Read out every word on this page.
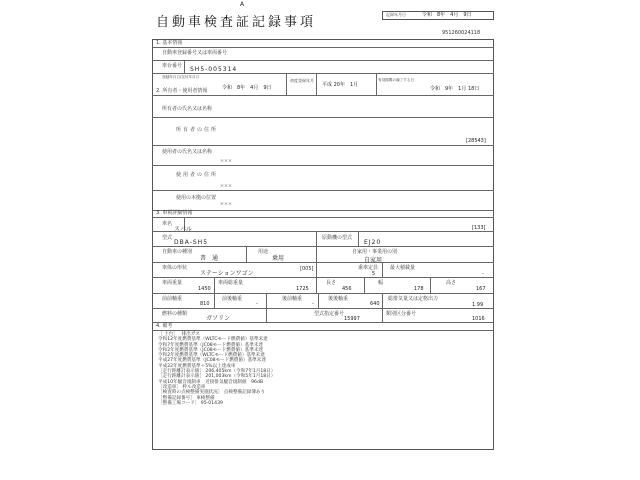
A
自動車検査証記録事項
記録年月日	令和　8年　4月　9日
951260024118
1. 基本情報
自動車登録番号又は車両番号
車台番号 SH5-005314
登録年月日/交付年月日
令和　8年　4月　9日
初度登録年月
平成 20年　1月
有効期間の満了する日
令和　9年　1月 18日
2. 所有者・使用者情報
所有者の氏名又は名称
所有者の住所
[28543]
使用者の氏名又は名称
＊＊＊
使用者の住所
＊＊＊
使用の本拠の位置
＊＊＊
3. 車両詳細情報
車名
スバル	[133]
型式
DBA-SH5
原動機の型式
EJ20
自動車の種別
普　通
用途
乗用
自家用・事業用の別
自家用
車体の形状
ステーションワゴン
[005]	乗車定員
5
最大積載量
-
車両重量
1450
車両総重量
1725
長さ
456
幅
178
高さ
167
前前軸重
810
前後軸重
-
後前軸重
-
後後軸重
640
総排気量又は定格出力
1.99
燃料の種類
ガソリン
型式指定番号
15997
類別区分番号
1016
4. 備考
［ 土台］　 排出ガス
令和12年度燃費基準（WLTCモード燃費値）基準未達
令和7年度燃費基準（JC08モード燃費値）基準未達
令和2年度燃費基準（JC08モード燃費値）基準未達
令和2年度燃費基準（WLTCモード燃費値）基準未達
平成27年度燃費基準（JC08モード燃費値）基準未達
平成22年度燃費基準＋5%以上達成車
［走行距離計表示値］ 206,405km（令和7年1月18日）
［走行距離計表示値］ 201,003km（令和5年1月18日）
平成10年騒音規制車　近接排気騒音規制値　96dB
［改造車］ 枠ル改造車
［検査時の点検整備実施状況］ 点検整備記録簿あり
［整備記録番号］ 車検整備
［整備工場コード］ 95-01439
